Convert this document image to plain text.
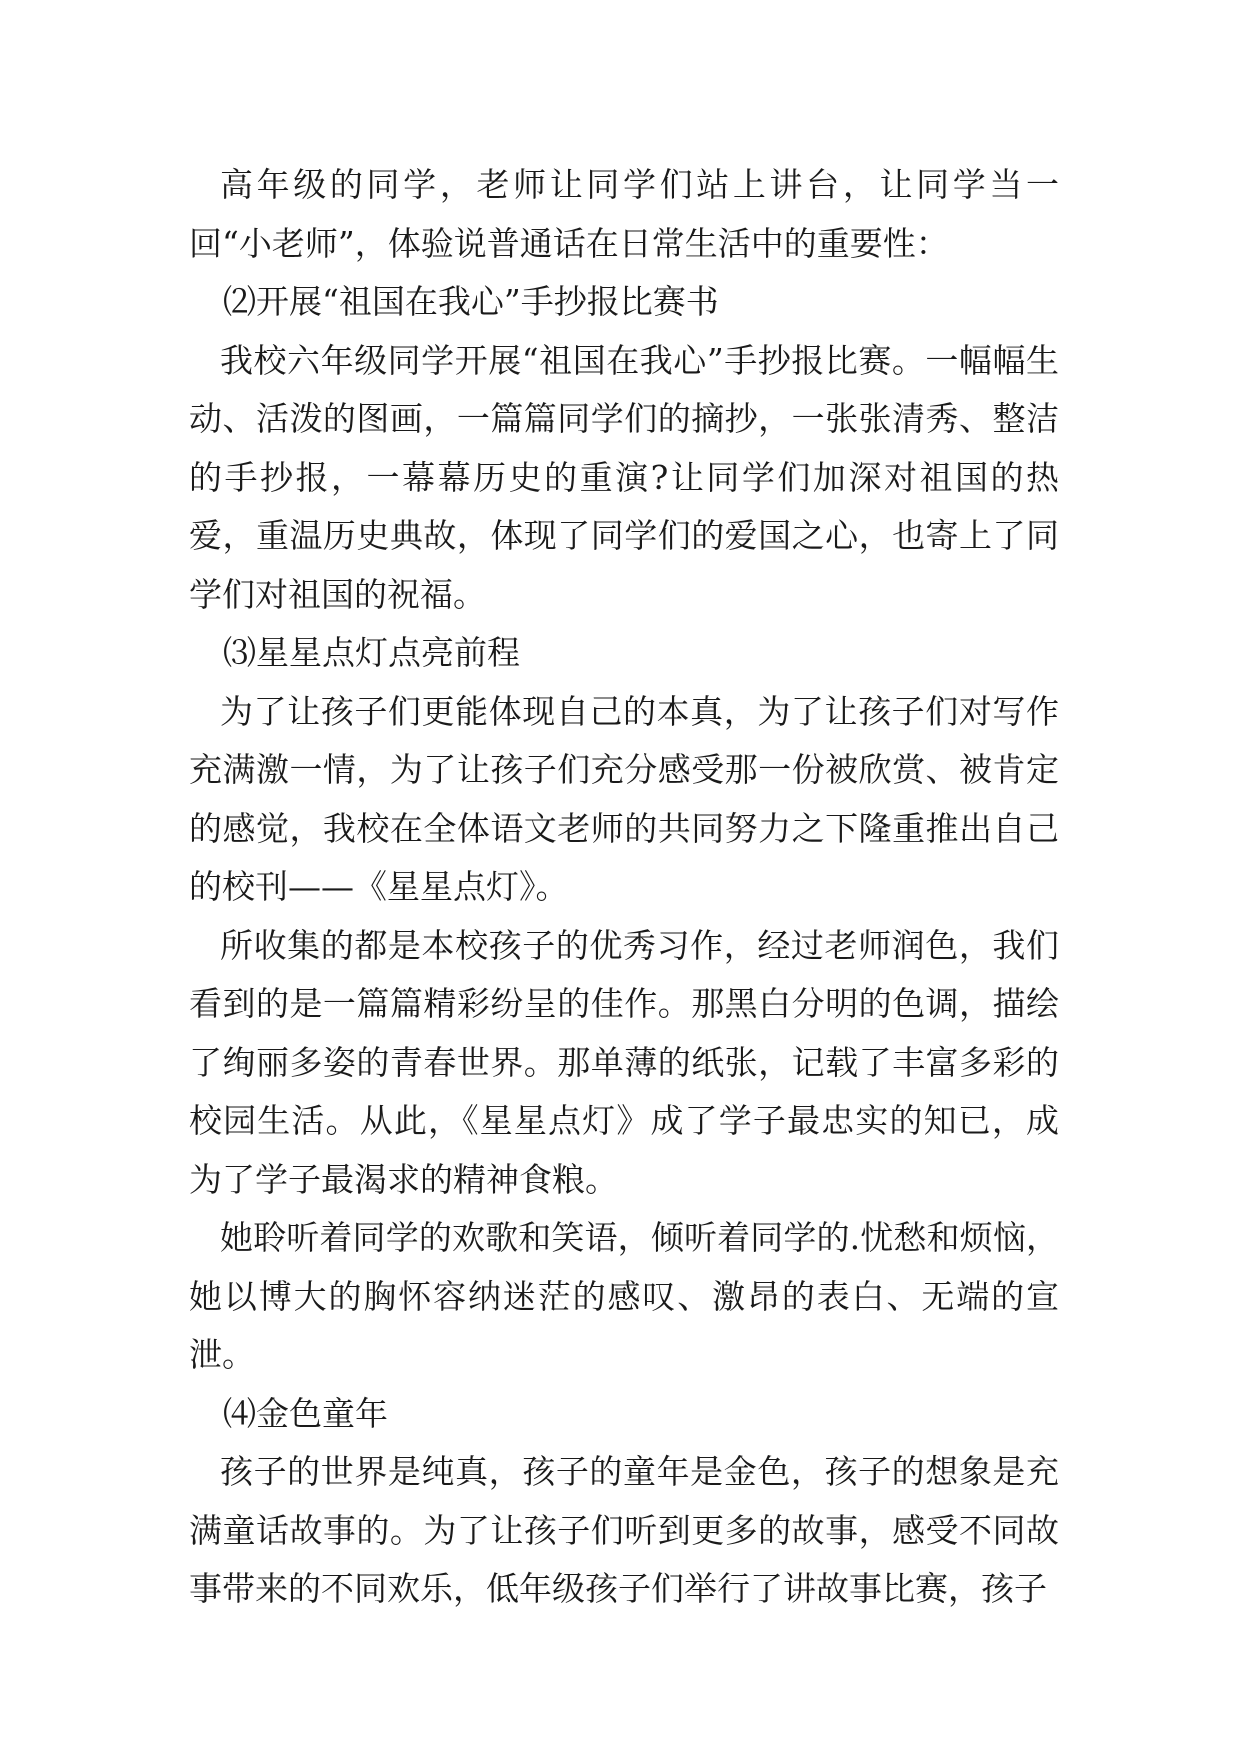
高年级的同学，老师让同学们站上讲台，让同学当一回“小老师”，体验说普通话在日常生活中的重要性：

⑵开展“祖国在我心”手抄报比赛书

我校六年级同学开展“祖国在我心”手抄报比赛。一幅幅生动、活泼的图画，一篇篇同学们的摘抄，一张张清秀、整洁的手抄报，一幕幕历史的重演?让同学们加深对祖国的热爱，重温历史典故，体现了同学们的爱国之心，也寄上了同学们对祖国的祝福。

⑶星星点灯点亮前程

为了让孩子们更能体现自己的本真，为了让孩子们对写作充满激一情，为了让孩子们充分感受那一份被欣赏、被肯定的感觉，我校在全体语文老师的共同努力之下隆重推出自己的校刊——《星星点灯》。

所收集的都是本校孩子的优秀习作，经过老师润色，我们看到的是一篇篇精彩纷呈的佳作。那黑白分明的色调，描绘了绚丽多姿的青春世界。那单薄的纸张，记载了丰富多彩的校园生活。从此，《星星点灯》成了学子最忠实的知已，成为了学子最渴求的精神食粮。

她聆听着同学的欢歌和笑语，倾听着同学的.忧愁和烦恼，她以博大的胸怀容纳迷茫的感叹、激昂的表白、无端的宣泄。

⑷金色童年

孩子的世界是纯真，孩子的童年是金色，孩子的想象是充满童话故事的。为了让孩子们听到更多的故事，感受不同故事带来的不同欢乐，低年级孩子们举行了讲故事比赛，孩子
